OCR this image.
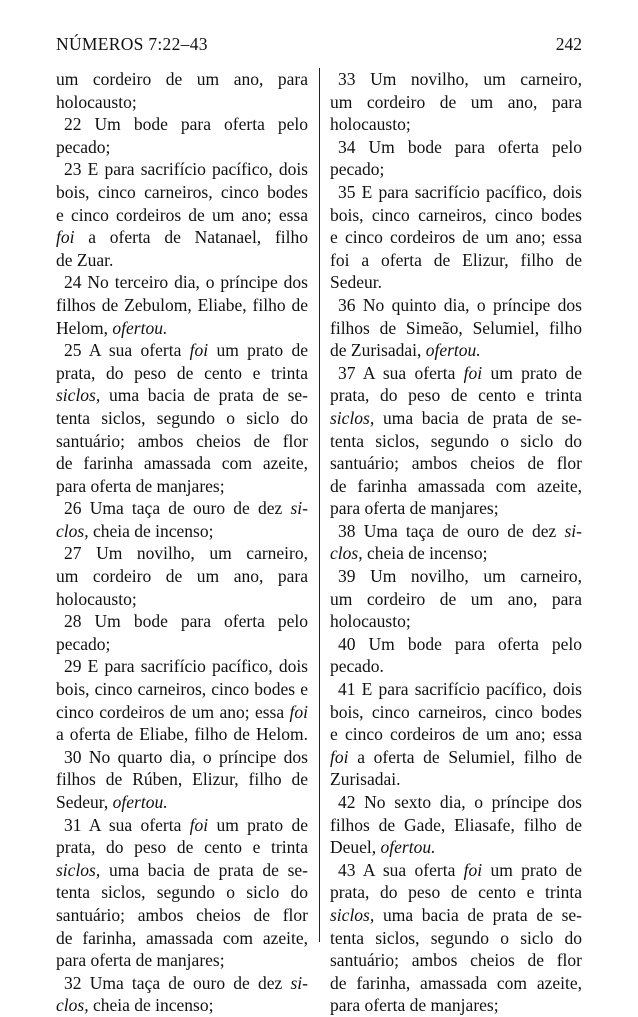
NÚMEROS 7:22–43	242
um cordeiro de um ano, para
holocausto;
22 Um bode para oferta pelo
pecado;
23 E para sacrifício pacífico, dois
bois, cinco carneiros, cinco bodes
e cinco cordeiros de um ano; essa
foi a oferta de Natanael, filho
de Zuar.
24 No terceiro dia, o príncipe dos
filhos de Zebulom, Eliabe, filho de
Helom, ofertou.
25 A sua oferta foi um prato de
prata, do peso de cento e trinta
siclos, uma bacia de prata de se-
tenta siclos, segundo o siclo do
santuário; ambos cheios de flor
de farinha amassada com azeite,
para oferta de manjares;
26 Uma taça de ouro de dez si-
clos, cheia de incenso;
27 Um novilho, um carneiro,
um cordeiro de um ano, para
holocausto;
28 Um bode para oferta pelo
pecado;
29 E para sacrifício pacífico, dois
bois, cinco carneiros, cinco bodes e
cinco cordeiros de um ano; essa foi
a oferta de Eliabe, filho de Helom.
30 No quarto dia, o príncipe dos
filhos de Rúben, Elizur, filho de
Sedeur, ofertou.
31 A sua oferta foi um prato de
prata, do peso de cento e trinta
siclos, uma bacia de prata de se-
tenta siclos, segundo o siclo do
santuário; ambos cheios de flor
de farinha, amassada com azeite,
para oferta de manjares;
32 Uma taça de ouro de dez si-
clos, cheia de incenso;
33 Um novilho, um carneiro,
um cordeiro de um ano, para
holocausto;
34 Um bode para oferta pelo
pecado;
35 E para sacrifício pacífico, dois
bois, cinco carneiros, cinco bodes
e cinco cordeiros de um ano; essa
foi a oferta de Elizur, filho de
Sedeur.
36 No quinto dia, o príncipe dos
filhos de Simeão, Selumiel, filho
de Zurisadai, ofertou.
37 A sua oferta foi um prato de
prata, do peso de cento e trinta
siclos, uma bacia de prata de se-
tenta siclos, segundo o siclo do
santuário; ambos cheios de flor
de farinha amassada com azeite,
para oferta de manjares;
38 Uma taça de ouro de dez si-
clos, cheia de incenso;
39 Um novilho, um carneiro,
um cordeiro de um ano, para
holocausto;
40 Um bode para oferta pelo
pecado.
41 E para sacrifício pacífico, dois
bois, cinco carneiros, cinco bodes
e cinco cordeiros de um ano; essa
foi a oferta de Selumiel, filho de
Zurisadai.
42 No sexto dia, o príncipe dos
filhos de Gade, Eliasafe, filho de
Deuel, ofertou.
43 A sua oferta foi um prato de
prata, do peso de cento e trinta
siclos, uma bacia de prata de se-
tenta siclos, segundo o siclo do
santuário; ambos cheios de flor
de farinha, amassada com azeite,
para oferta de manjares;
